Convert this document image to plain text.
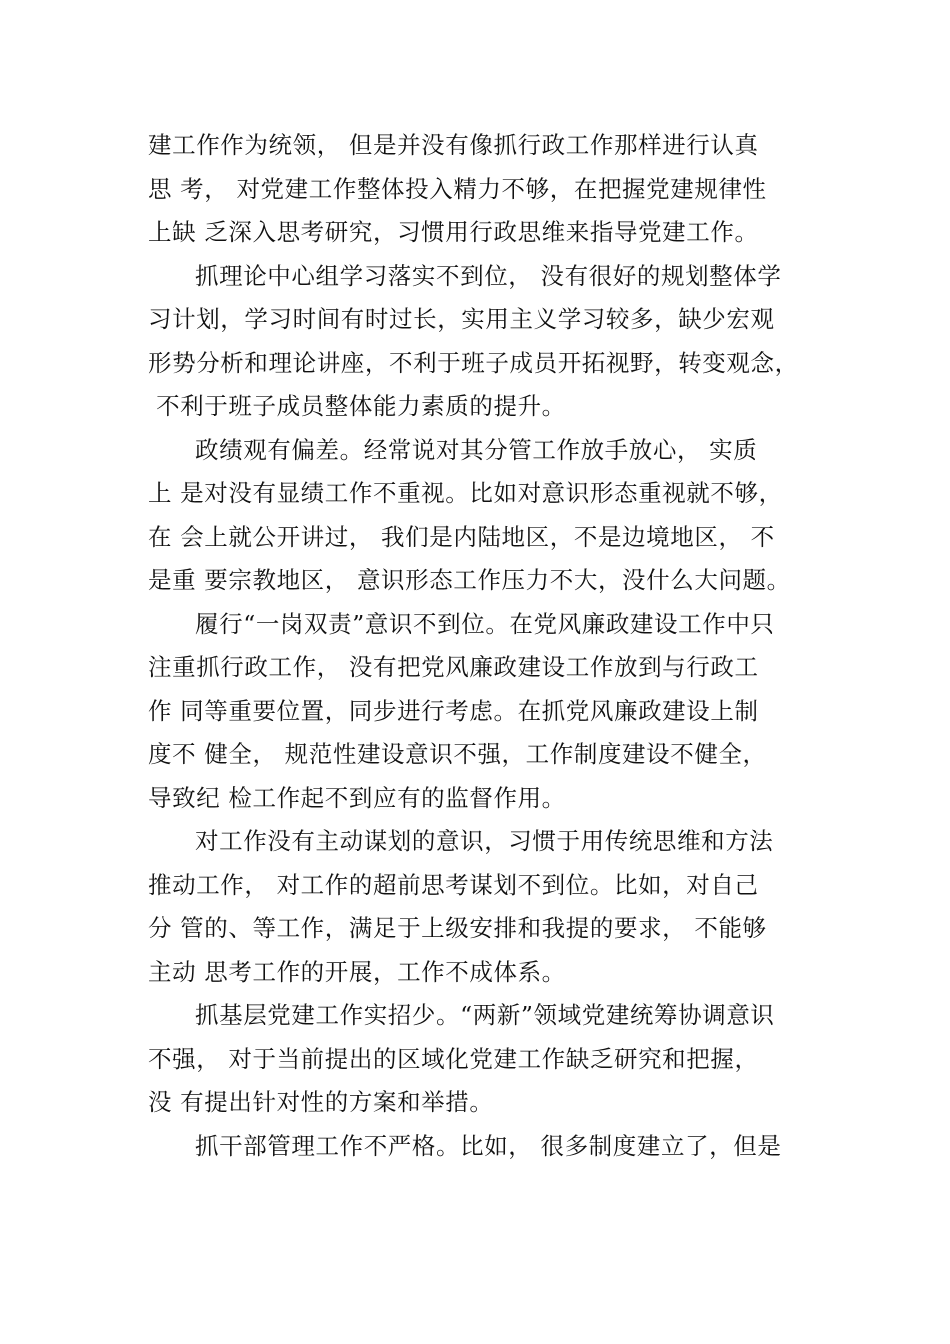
建工作作为统领， 但是并没有像抓行政工作那样进行认真
思 考， 对党建工作整体投入精力不够，在把握党建规律性
上缺 乏深入思考研究，习惯用行政思维来指导党建工作。
抓理论中心组学习落实不到位， 没有很好的规划整体学
习计划，学习时间有时过长，实用主义学习较多，缺少宏观
形势分析和理论讲座，不利于班子成员开拓视野，转变观念，
不利于班子成员整体能力素质的提升。
政绩观有偏差。经常说对其分管工作放手放心， 实质
上 是对没有显绩工作不重视。比如对意识形态重视就不够，
在 会上就公开讲过， 我们是内陆地区，不是边境地区， 不
是重 要宗教地区， 意识形态工作压力不大，没什么大问题。
履行“一岗双责”意识不到位。在党风廉政建设工作中只
注重抓行政工作， 没有把党风廉政建设工作放到与行政工
作 同等重要位置，同步进行考虑。在抓党风廉政建设上制
度不 健全， 规范性建设意识不强，工作制度建设不健全，
导致纪 检工作起不到应有的监督作用。
对工作没有主动谋划的意识，习惯于用传统思维和方法
推动工作， 对工作的超前思考谋划不到位。比如，对自己
分 管的、等工作，满足于上级安排和我提的要求， 不能够
主动 思考工作的开展，工作不成体系。
抓基层党建工作实招少。“两新”领域党建统筹协调意识
不强， 对于当前提出的区域化党建工作缺乏研究和把握，
没 有提出针对性的方案和举措。
抓干部管理工作不严格。比如， 很多制度建立了，但是
